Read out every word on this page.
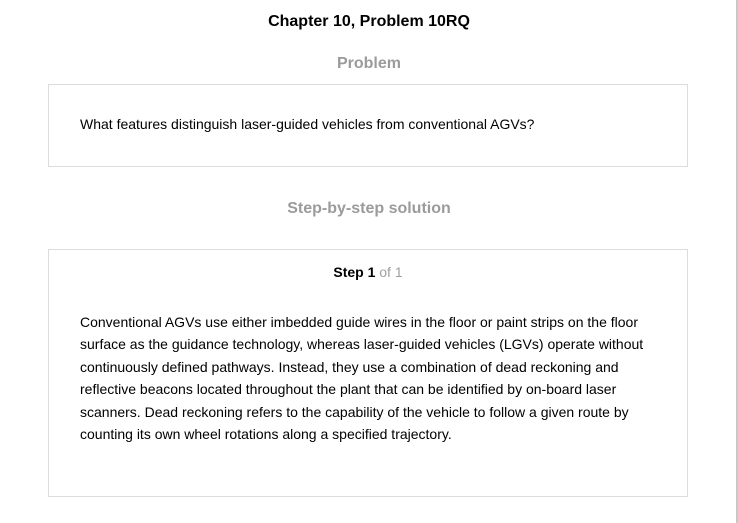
Chapter 10, Problem 10RQ
Problem
What features distinguish laser-guided vehicles from conventional AGVs?
Step-by-step solution
Step 1 of 1
Conventional AGVs use either imbedded guide wires in the floor or paint strips on the floor surface as the guidance technology, whereas laser-guided vehicles (LGVs) operate without continuously defined pathways. Instead, they use a combination of dead reckoning and reflective beacons located throughout the plant that can be identified by on-board laser scanners. Dead reckoning refers to the capability of the vehicle to follow a given route by counting its own wheel rotations along a specified trajectory.
